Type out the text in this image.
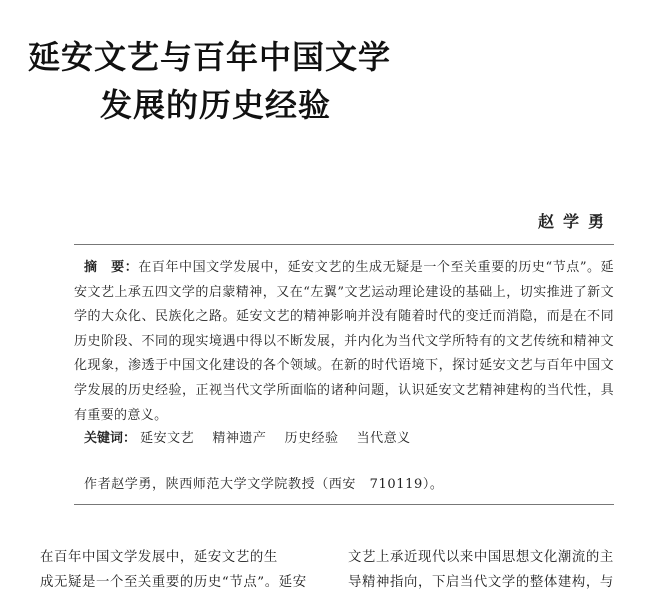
延安文艺与百年中国文学
发展的历史经验
赵学勇
摘　要：在百年中国文学发展中，延安文艺的生成无疑是一个至关重要的历史“节点”。延安文艺上承五四文学的启蒙精神，又在“左翼”文艺运动理论建设的基础上，切实推进了新文学的大众化、民族化之路。延安文艺的精神影响并没有随着时代的变迁而消隐，而是在不同历史阶段、不同的现实境遇中得以不断发展，并内化为当代文学所特有的文艺传统和精神文化现象，渗透于中国文化建设的各个领域。在新的时代语境下，探讨延安文艺与百年中国文学发展的历史经验，正视当代文学所面临的诸种问题，认识延安文艺精神建构的当代性，具有重要的意义。
关键词： 延安文艺 精神遗产 历史经验 当代意义
作者赵学勇，陕西师范大学文学院教授（西安　710119）。
在百年中国文学发展中，延安文艺的生
成无疑是一个至关重要的历史“节点”。延安
文艺上承近现代以来中国思想文化潮流的主
导精神指向，下启当代文学的整体建构，与
